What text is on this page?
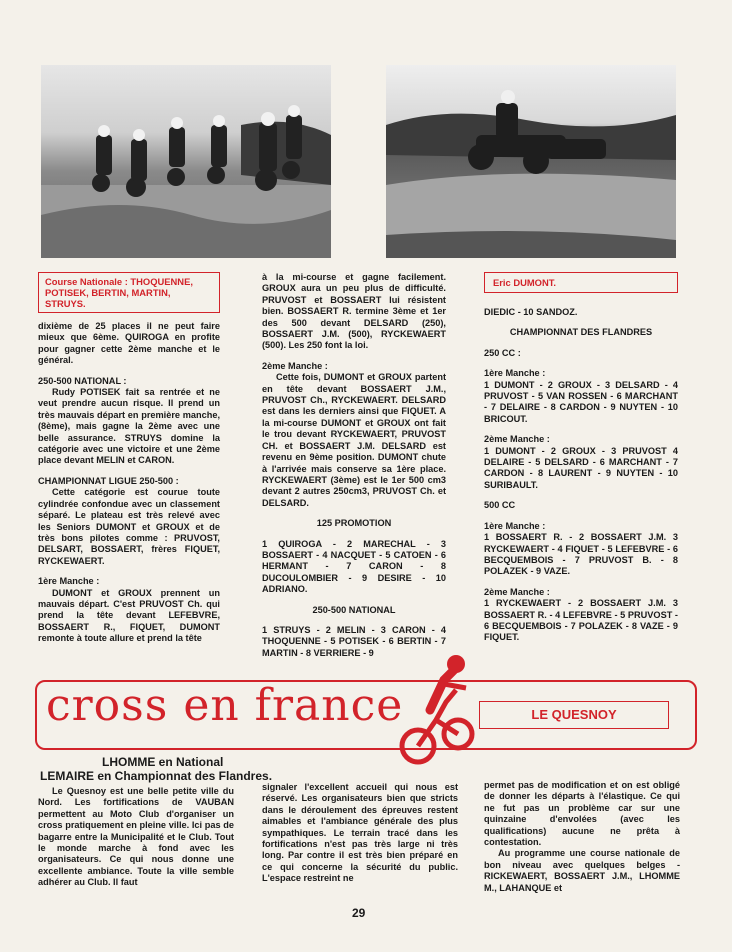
Course Nationale : THOQUENNE, POTISEK, BERTIN, MARTIN, STRUYS.

dixième de 25 places il ne peut faire mieux que 6ème. QUIROGA en profite pour gagner cette 2ème manche et le général.

250-500 NATIONAL :

Rudy POTISEK fait sa rentrée et ne veut prendre aucun risque. Il prend un très mauvais départ en première manche, (8ème), mais gagne la 2ème avec une belle assurance. STRUYS domine la catégorie avec une victoire et une 2ème place devant MELIN et CARON.

CHAMPIONNAT LIGUE 250-500 :

Cette catégorie est courue toute cylindrée confondue avec un classement séparé. Le plateau est très relevé avec les Seniors DUMONT et GROUX et de très bons pilotes comme : PRUVOST, DELSART, BOSSAERT, frères FIQUET, RYCKEWAERT.

1ère Manche :

DUMONT et GROUX prennent un mauvais départ. C'est PRUVOST Ch. qui prend la tête devant LEFEBVRE, BOSSAERT R., FIQUET, DUMONT remonte à toute allure et prend la tête

à la mi-course et gagne facilement. GROUX aura un peu plus de difficulté. PRUVOST et BOSSAERT lui résistent bien. BOSSAERT R. termine 3ème et 1er des 500 devant DELSARD (250), BOSSAERT J.M. (500), RYCKEWAERT (500). Les 250 font la loi.

2ème Manche :

Cette fois, DUMONT et GROUX partent en tête devant BOSSAERT J.M., PRUVOST Ch., RYCKEWAERT. DELSARD est dans les derniers ainsi que FIQUET. A la mi-course DUMONT et GROUX ont fait le trou devant RYCKEWAERT, PRUVOST CH. et BOSSAERT J.M. DELSARD est revenu en 9ème position. DUMONT chute à l'arrivée mais conserve sa 1ère place. RYCKEWAERT (3ème) est le 1er 500 cm3 devant 2 autres 250cm3, PRUVOST Ch. et DELSARD.

125 PROMOTION

1 QUIROGA - 2 MARECHAL - 3 BOSSAERT - 4 NACQUET - 5 CATOEN - 6 HERMANT - 7 CARON - 8 DUCOULOMBIER - 9 DESIRE - 10 ADRIANO.

250-500 NATIONAL

1 STRUYS - 2 MELIN - 3 CARON - 4 THOQUENNE - 5 POTISEK - 6 BERTIN - 7 MARTIN - 8 VERRIERE - 9

Eric DUMONT.

DIEDIC - 10 SANDOZ.

CHAMPIONNAT DES FLANDRES

250 CC :

1ère Manche :

1 DUMONT - 2 GROUX - 3 DELSARD - 4 PRUVOST - 5 VAN ROSSEN - 6 MARCHANT - 7 DELAIRE - 8 CARDON - 9 NUYTEN - 10 BRICOUT.

2ème Manche :

1 DUMONT - 2 GROUX - 3 PRUVOST 4 DELAIRE - 5 DELSARD - 6 MARCHANT - 7 CARDON - 8 LAURENT - 9 NUYTEN - 10 SURIBAULT.

500 CC

1ère Manche :

1 BOSSAERT R. - 2 BOSSAERT J.M. 3 RYCKEWAERT - 4 FIQUET - 5 LEFEBVRE - 6 BECQUEMBOIS - 7 PRUVOST B. - 8 POLAZEK - 9 VAZE.

2ème Manche :

1 RYCKEWAERT - 2 BOSSAERT J.M. 3 BOSSAERT R. - 4 LEFEBVRE - 5 PRUVOST - 6 BECQUEMBOIS - 7 POLAZEK - 8 VAZE - 9 FIQUET.

cross en france	LE QUESNOY
LHOMME en National
LEMAIRE en Championnat des Flandres.

Le Quesnoy est une belle petite ville du Nord. Les fortifications de VAUBAN permettent au Moto Club d'organiser un cross pratiquement en pleine ville. Ici pas de bagarre entre la Municipalité et le Club. Tout le monde marche à fond avec les organisateurs. Ce qui nous donne une excellente ambiance. Toute la ville semble adhérer au Club. Il faut

signaler l'excellent accueil qui nous est réservé. Les organisateurs bien que stricts dans le déroulement des épreuves restent aimables et l'ambiance générale des plus sympathiques. Le terrain tracé dans les fortifications n'est pas très large ni très long. Par contre il est très bien préparé en ce qui concerne la sécurité du public. L'espace restreint ne

permet pas de modification et on est obligé de donner les départs à l'élastique. Ce qui ne fut pas un problème car sur une quinzaine d'envolées (avec les qualifications) aucune ne prêta à contestation.

Au programme une course nationale de bon niveau avec quelques belges - RICKEWAERT, BOSSAERT J.M., LHOMME M., LAHANQUE et

29
